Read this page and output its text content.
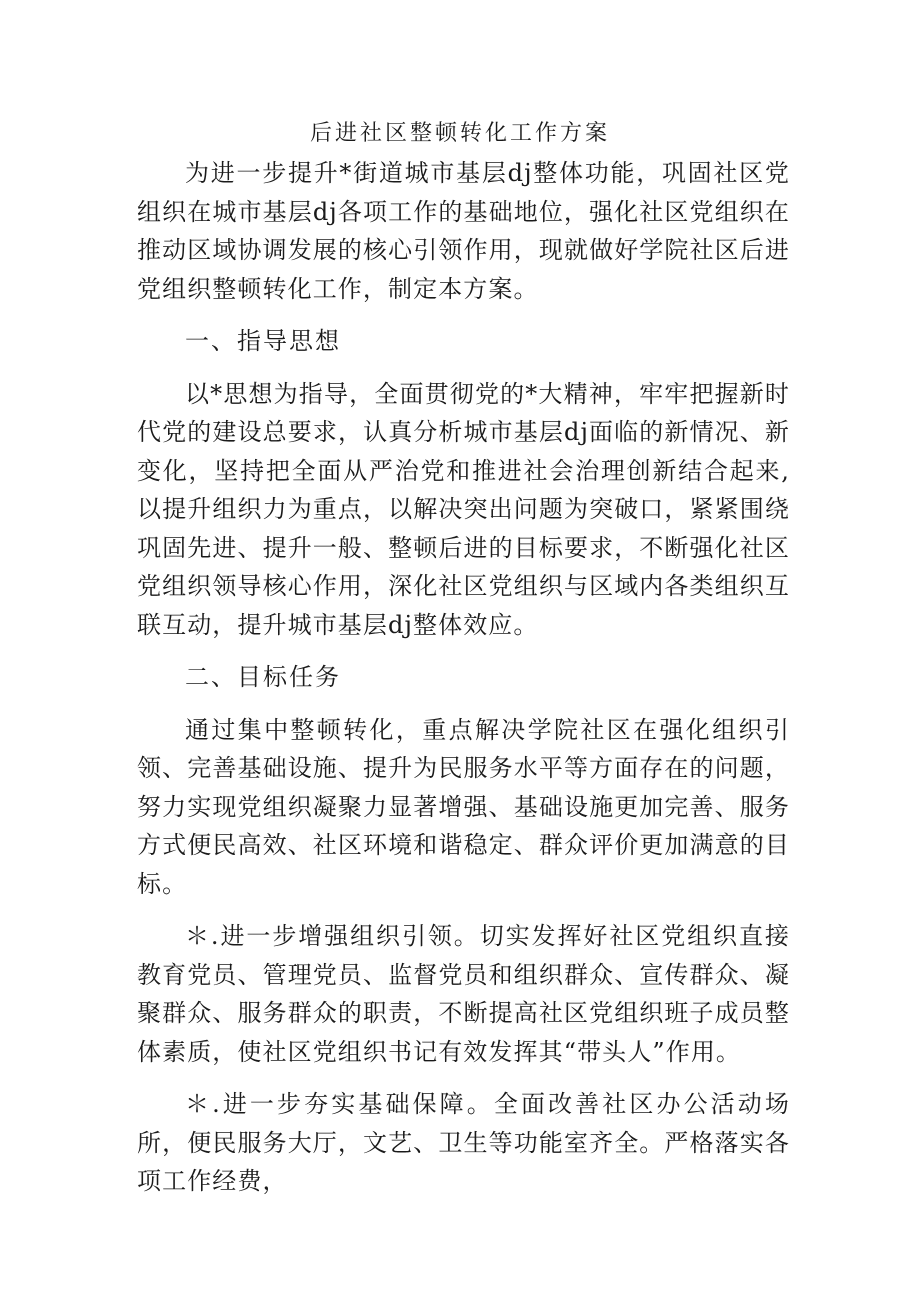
后进社区整顿转化工作方案

为进一步提升*街道城市基层dj整体功能，巩固社区党组织在城市基层dj各项工作的基础地位，强化社区党组织在推动区域协调发展的核心引领作用，现就做好学院社区后进党组织整顿转化工作，制定本方案。

一、指导思想

以*思想为指导，全面贯彻党的*大精神，牢牢把握新时代党的建设总要求，认真分析城市基层dj面临的新情况、新变化，坚持把全面从严治党和推进社会治理创新结合起来,以提升组织力为重点，以解决突出问题为突破口，紧紧围绕巩固先进、提升一般、整顿后进的目标要求，不断强化社区党组织领导核心作用，深化社区党组织与区域内各类组织互联互动，提升城市基层dj整体效应。

二、目标任务

通过集中整顿转化，重点解决学院社区在强化组织引领、完善基础设施、提升为民服务水平等方面存在的问题，努力实现党组织凝聚力显著增强、基础设施更加完善、服务方式便民高效、社区环境和谐稳定、群众评价更加满意的目标。

＊.进一步增强组织引领。切实发挥好社区党组织直接教育党员、管理党员、监督党员和组织群众、宣传群众、凝聚群众、服务群众的职责，不断提高社区党组织班子成员整体素质，使社区党组织书记有效发挥其“带头人”作用。

＊.进一步夯实基础保障。全面改善社区办公活动场所，便民服务大厅，文艺、卫生等功能室齐全。严格落实各项工作经费，
